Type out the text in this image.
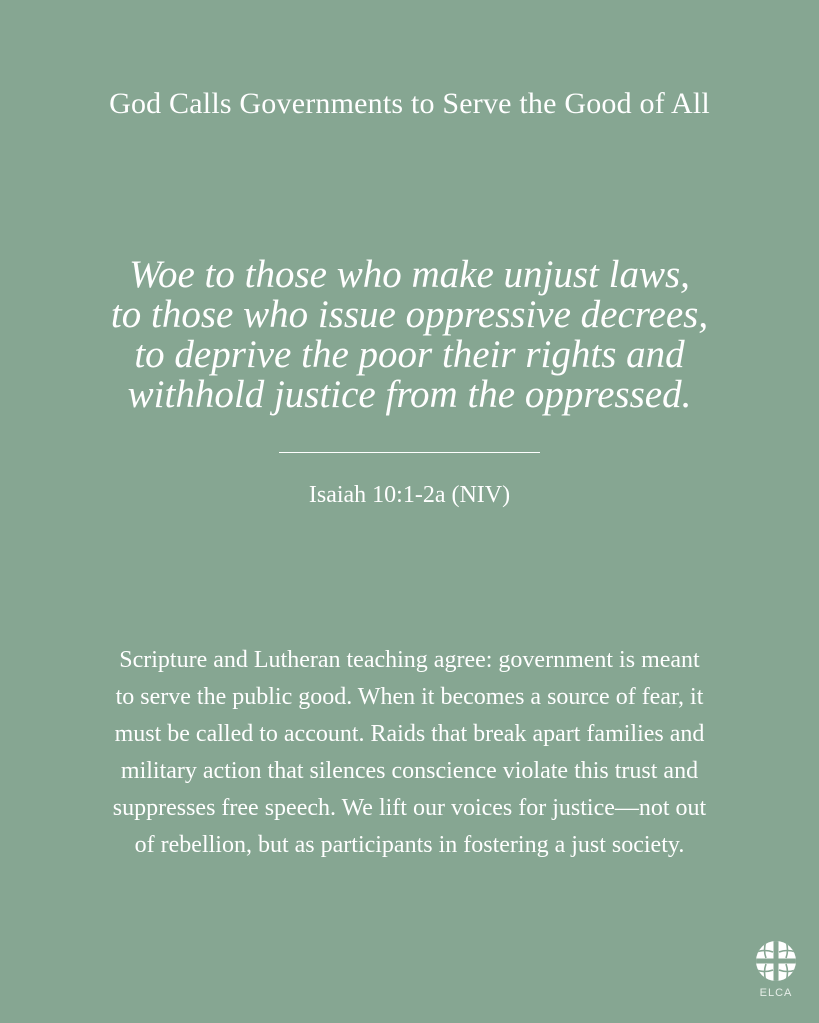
God Calls Governments to Serve the Good of All
Woe to those who make unjust laws,
to those who issue oppressive decrees,
to deprive the poor their rights and
withhold justice from the oppressed.
Isaiah 10:1-2a (NIV)
Scripture and Lutheran teaching agree: government is meant
to serve the public good. When it becomes a source of fear, it
must be called to account. Raids that break apart families and
military action that silences conscience violate this trust and
suppresses free speech. We lift our voices for justice—not out
of rebellion, but as participants in fostering a just society.
ELCA
